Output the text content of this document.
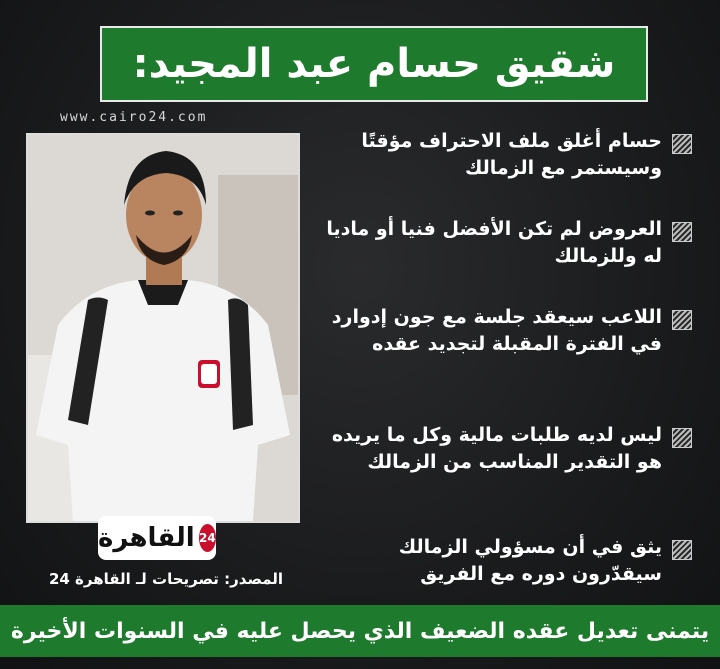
شقيق حسام عبد المجيد:
www.cairo24.com
القاهرة 24
المصدر: تصريحات لـ القاهرة 24
حسام أغلق ملف الاحتراف مؤقتًا وسيستمر مع الزمالك
العروض لم تكن الأفضل فنيا أو ماديا له وللزمالك
اللاعب سيعقد جلسة مع جون إدوارد في الفترة المقبلة لتجديد عقده
ليس لديه طلبات مالية وكل ما يريده هو التقدير المناسب من الزمالك
يثق في أن مسؤولي الزمالك سيقدّرون دوره مع الفريق
يتمنى تعديل عقده الضعيف الذي يحصل عليه في السنوات الأخيرة
